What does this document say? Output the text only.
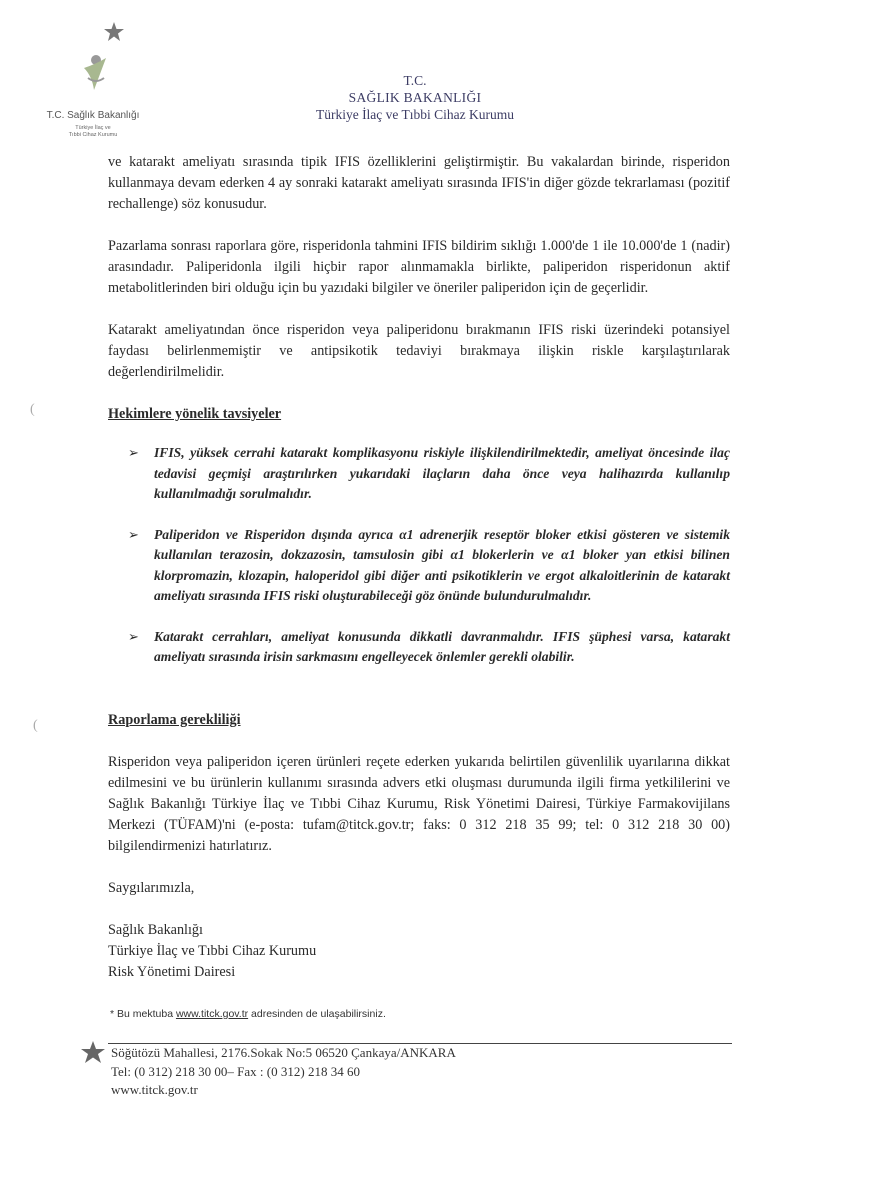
T.C. Sağlık Bakanlığı
Türkiye İlaç ve
Tıbbi Cihaz Kurumu
T.C.
SAĞLIK BAKANLIĞI
Türkiye İlaç ve Tıbbi Cihaz Kurumu
(
(

ve katarakt ameliyatı sırasında tipik IFIS özelliklerini geliştirmiştir. Bu vakalardan birinde, risperidon kullanmaya devam ederken 4 ay sonraki katarakt ameliyatı sırasında IFIS'in diğer gözde tekrarlaması (pozitif rechallenge) söz konusudur.

Pazarlama sonrası raporlara göre, risperidonla tahmini IFIS bildirim sıklığı 1.000'de 1 ile 10.000'de 1 (nadir) arasındadır. Paliperidonla ilgili hiçbir rapor alınmamakla birlikte, paliperidon risperidonun aktif metabolitlerinden biri olduğu için bu yazıdaki bilgiler ve öneriler paliperidon için de geçerlidir.

Katarakt ameliyatından önce risperidon veya paliperidonu bırakmanın IFIS riski üzerindeki potansiyel faydası belirlenmemiştir ve antipsikotik tedaviyi bırakmaya ilişkin riskle karşılaştırılarak değerlendirilmelidir.

Hekimlere yönelik tavsiyeler

➢ IFIS, yüksek cerrahi katarakt komplikasyonu riskiyle ilişkilendirilmektedir, ameliyat öncesinde ilaç tedavisi geçmişi araştırılırken yukarıdaki ilaçların daha önce veya halihazırda kullanılıp kullanılmadığı sorulmalıdır.
➢ Paliperidon ve Risperidon dışında ayrıca α1 adrenerjik reseptör bloker etkisi gösteren ve sistemik kullanılan terazosin, dokzazosin, tamsulosin gibi α1 blokerlerin ve α1 bloker yan etkisi bilinen klorpromazin, klozapin, haloperidol gibi diğer anti psikotiklerin ve ergot alkaloitlerinin de katarakt ameliyatı sırasında IFIS riski oluşturabileceği göz önünde bulundurulmalıdır.
➢ Katarakt cerrahları, ameliyat konusunda dikkatli davranmalıdır. IFIS şüphesi varsa, katarakt ameliyatı sırasında irisin sarkmasını engelleyecek önlemler gerekli olabilir.

Raporlama gerekliliği

Risperidon veya paliperidon içeren ürünleri reçete ederken yukarıda belirtilen güvenlilik uyarılarına dikkat edilmesini ve bu ürünlerin kullanımı sırasında advers etki oluşması durumunda ilgili firma yetkililerini ve Sağlık Bakanlığı Türkiye İlaç ve Tıbbi Cihaz Kurumu, Risk Yönetimi Dairesi, Türkiye Farmakovijilans Merkezi (TÜFAM)'ni (e-posta: tufam@titck.gov.tr; faks: 0 312 218 35 99; tel: 0 312 218 30 00) bilgilendirmenizi hatırlatırız.

Saygılarımızla,

Sağlık Bakanlığı

Türkiye İlaç ve Tıbbi Cihaz Kurumu

Risk Yönetimi Dairesi

* Bu mektuba www.titck.gov.tr adresinden de ulaşabilirsiniz.
Söğütözü Mahallesi, 2176.Sokak No:5 06520 Çankaya/ANKARA
Tel: (0 312) 218 30 00– Fax : (0 312) 218 34 60
www.titck.gov.tr
